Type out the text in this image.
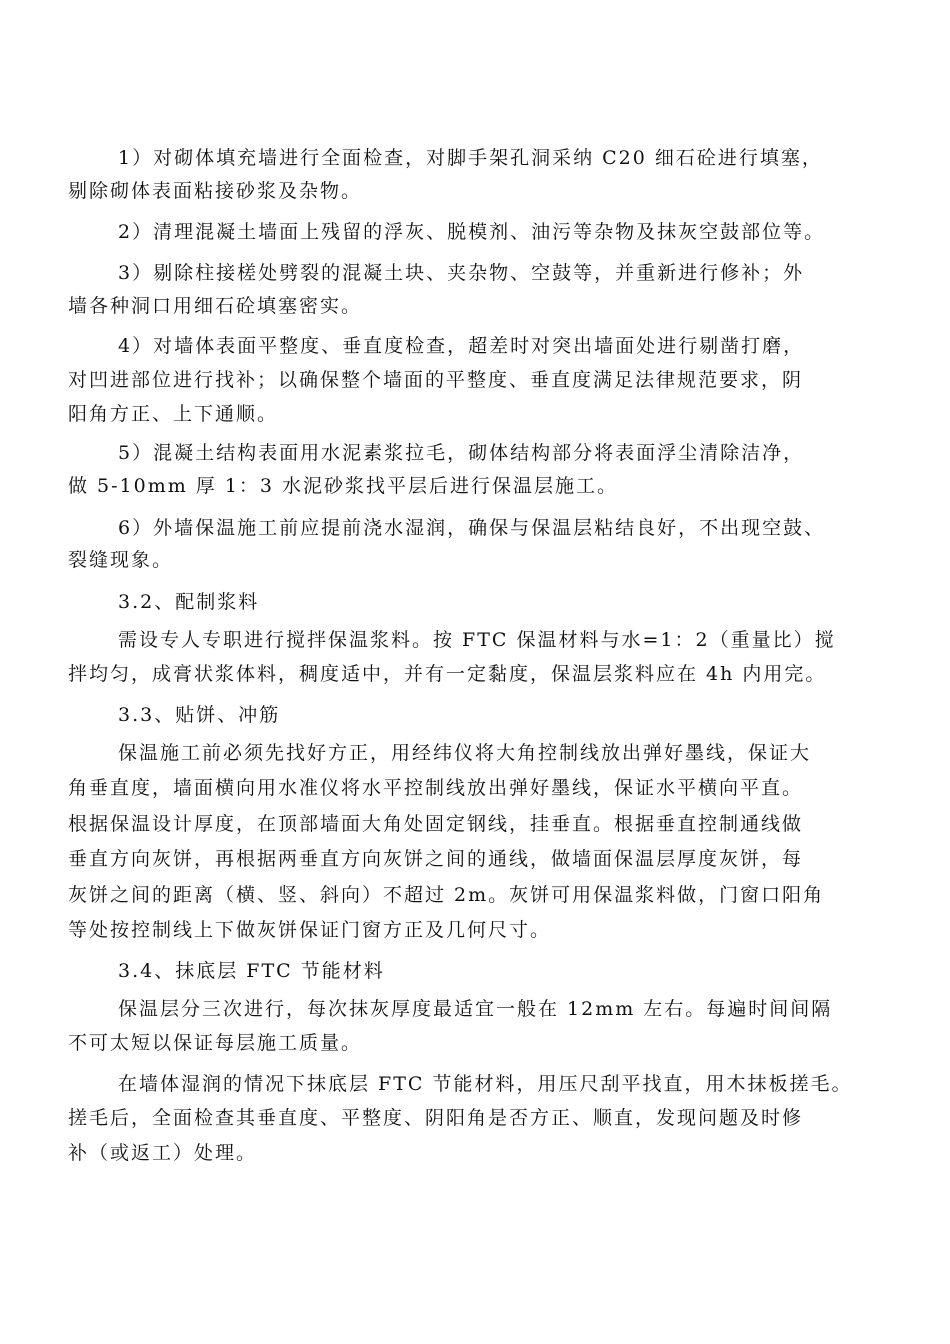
1）对砌体填充墙进行全面检查，对脚手架孔洞采纳 C20 细石砼进行填塞，
剔除砌体表面粘接砂浆及杂物。
2）清理混凝土墙面上残留的浮灰、脱模剂、油污等杂物及抹灰空鼓部位等。
3）剔除柱接槎处劈裂的混凝土块、夹杂物、空鼓等，并重新进行修补；外
墙各种洞口用细石砼填塞密实。
4）对墙体表面平整度、垂直度检查，超差时对突出墙面处进行剔凿打磨，
对凹进部位进行找补；以确保整个墙面的平整度、垂直度满足法律规范要求，阴
阳角方正、上下通顺。
5）混凝土结构表面用水泥素浆拉毛，砌体结构部分将表面浮尘清除洁净，
做 5-10mm 厚 1：3 水泥砂浆找平层后进行保温层施工。
6）外墙保温施工前应提前浇水湿润，确保与保温层粘结良好，不出现空鼓、
裂缝现象。
3.2、配制浆料
需设专人专职进行搅拌保温浆料。按 FTC 保温材料与水=1：2（重量比）搅
拌均匀，成膏状浆体料，稠度适中，并有一定黏度，保温层浆料应在 4h 内用完。
3.3、贴饼、冲筋
保温施工前必须先找好方正，用经纬仪将大角控制线放出弹好墨线，保证大
角垂直度，墙面横向用水准仪将水平控制线放出弹好墨线，保证水平横向平直。
根据保温设计厚度，在顶部墙面大角处固定钢线，挂垂直。根据垂直控制通线做
垂直方向灰饼，再根据两垂直方向灰饼之间的通线，做墙面保温层厚度灰饼，每
灰饼之间的距离（横、竖、斜向）不超过 2m。灰饼可用保温浆料做，门窗口阳角
等处按控制线上下做灰饼保证门窗方正及几何尺寸。
3.4、抹底层 FTC 节能材料
保温层分三次进行，每次抹灰厚度最适宜一般在 12mm 左右。每遍时间间隔
不可太短以保证每层施工质量。
在墙体湿润的情况下抹底层 FTC 节能材料，用压尺刮平找直，用木抹板搓毛。
搓毛后，全面检查其垂直度、平整度、阴阳角是否方正、顺直，发现问题及时修
补（或返工）处理。
